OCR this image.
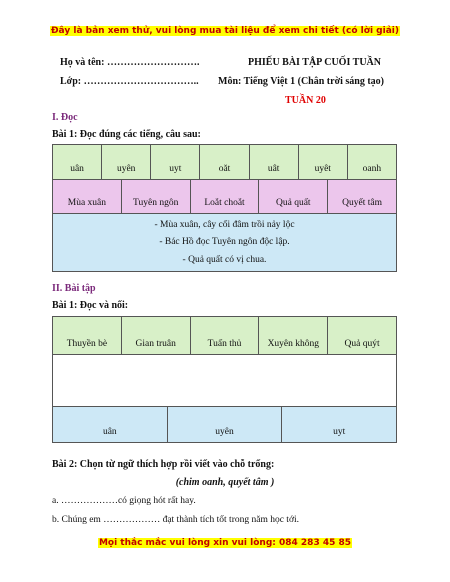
Đây là bản xem thử, vui lòng mua tài liệu để xem chi tiết (có lời giải)
Họ và tên: ……………………….
Lớp: ……………………………..
PHIẾU BÀI TẬP CUỐI TUẦN
Môn: Tiếng Việt 1 (Chân trời sáng tạo)
TUẦN 20
I. Đọc
Bài 1: Đọc đúng các tiếng, câu sau:
uân	uyên	uyt	oăt	uât	uyêt	oanh
Mùa xuân	Tuyên ngôn	Loắt choắt	Quả quất	Quyết tâm
- Mùa xuân, cây cối đâm trồi nảy lộc
- Bác Hồ đọc Tuyên ngôn độc lập.
- Quả quất có vị chua.
II. Bài tập
Bài 1: Đọc và nối:
Thuyền bè	Gian truân	Tuấn thủ	Xuyên không	Quả quýt
uân	uyên	uyt
Bài 2: Chọn từ ngữ thích hợp rồi viết vào chỗ trống:
(chim oanh, quyết tâm )
a. ………………có giọng hót rất hay.
b. Chúng em ……………… đạt thành tích tốt trong năm học tới.
Mọi thắc mắc vui lòng xin vui lòng: 084 283 45 85
